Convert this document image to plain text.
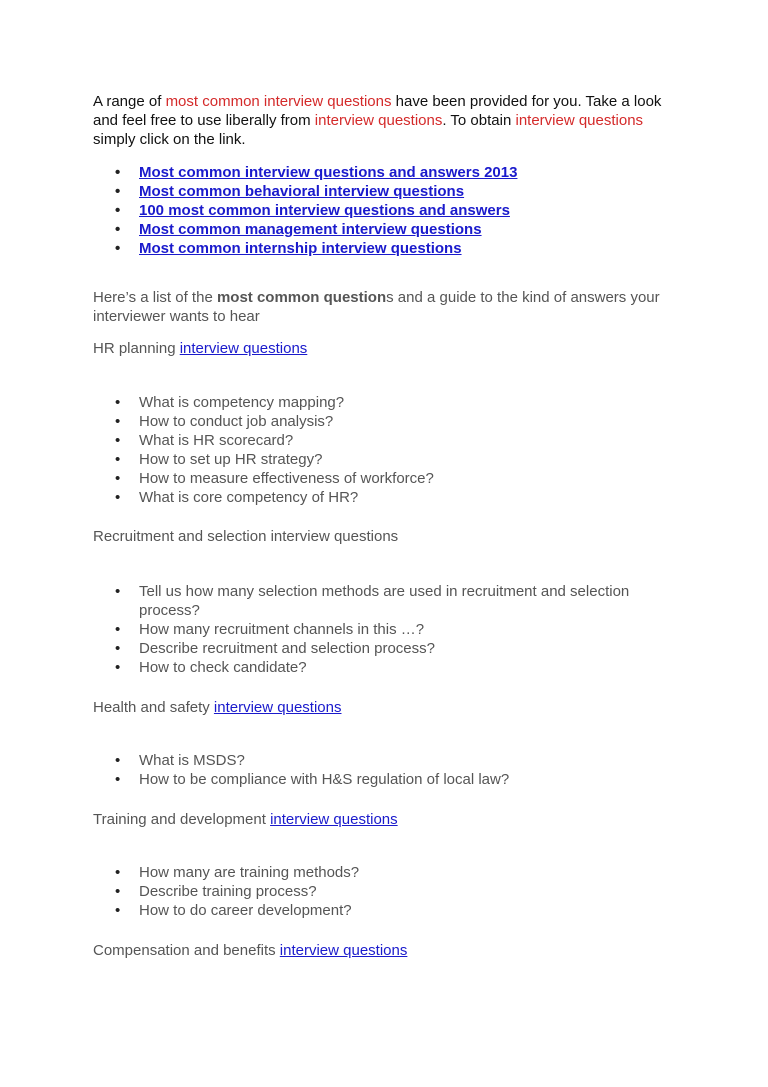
A range of most common interview questions have been provided for you. Take a look and feel free to use liberally from interview questions. To obtain interview questions simply click on the link.

• Most common interview questions and answers 2013
• Most common behavioral interview questions
• 100 most common interview questions and answers
• Most common management interview questions
• Most common internship interview questions

Here’s a list of the most common questions and a guide to the kind of answers your interviewer wants to hear

HR planning interview questions
• What is competency mapping?
• How to conduct job analysis?
• What is HR scorecard?
• How to set up HR strategy?
• How to measure effectiveness of workforce?
• What is core competency of HR?
Recruitment and selection interview questions
• Tell us how many selection methods are used in recruitment and selection process?
• How many recruitment channels in this …?
• Describe recruitment and selection process?
• How to check candidate?
Health and safety interview questions
• What is MSDS?
• How to be compliance with H&S regulation of local law?
Training and development interview questions
• How many are training methods?
• Describe training process?
• How to do career development?
Compensation and benefits interview questions
